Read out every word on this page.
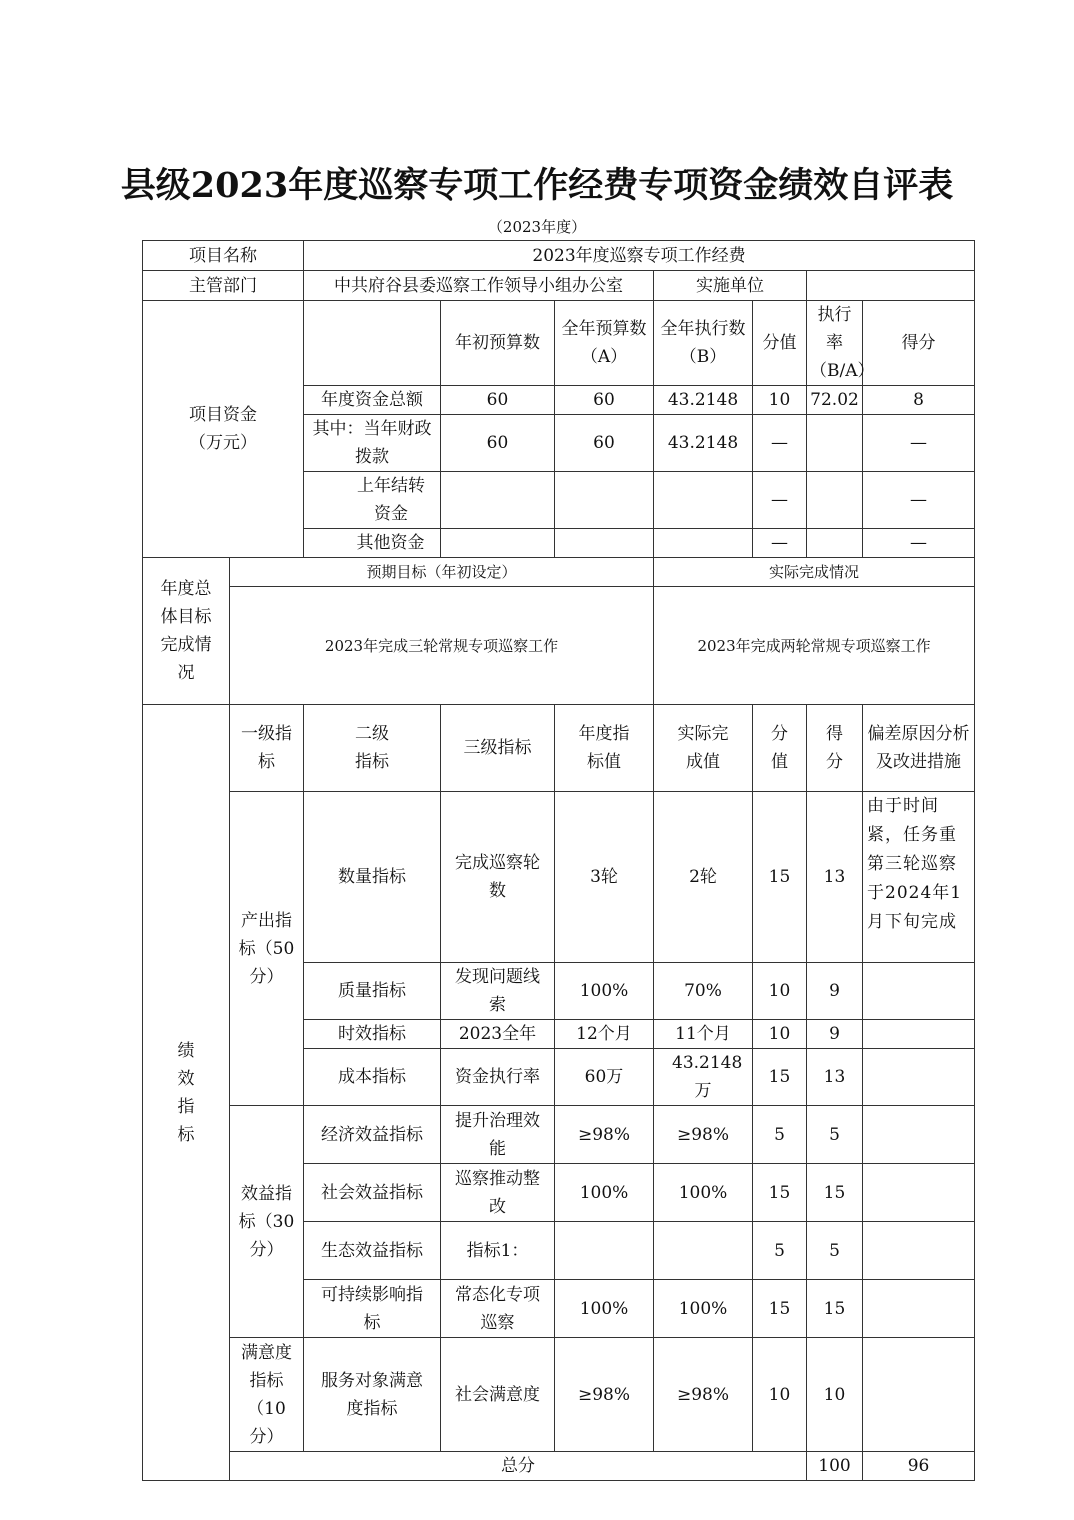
县级2023年度巡察专项工作经费专项资金绩效自评表
（2023年度）
项目名称		2023年度巡察专项工作经费							
主管部门		中共府谷县委巡察工作领导小组办公室			实施单位				

项目资金
（万元）			年初预算数	全年预算数（A）	全年执行数（B）	分值	执行率（B/A）	得分	
		年度资金总额	60	60	43.2148	10	72.02	8	
		其中：当年财政拨款	60	60	43.2148	—		—	
		上年结转资金				—		—	
		其他资金				—		—	
年度总体目标完成情况	预期目标（年初设定）				实际完成情况				
	2023年完成三轮常规专项巡察工作				2023年完成两轮常规专项巡察工作				
绩效指标	一级指标	二级指标	三级指标	年度指标值	实际完成值	分值	得分	偏差原因分析及改进措施	
	产出指标（50分）	数量指标	完成巡察轮数	3轮	2轮	15	13	由于时间紧，任务重第三轮巡察于2024年1月下旬完成	
		质量指标	发现问题线索	100%	70%	10	9		
		时效指标	2023全年	12个月	11个月	10	9		
		成本指标	资金执行率	60万	43.2148万	15	13		
	效益指标（30分）	经济效益指标	提升治理效能	≥98%	≥98%	5	5		
		社会效益指标	巡察推动整改	100%	100%	15	15		
		生态效益指标	指标1：			5	5		
		可持续影响指标	常态化专项巡察	100%	100%	15	15		
	满意度指标（10分）	服务对象满意度指标	社会满意度	≥98%	≥98%	10	10		
	总分						100	96	
